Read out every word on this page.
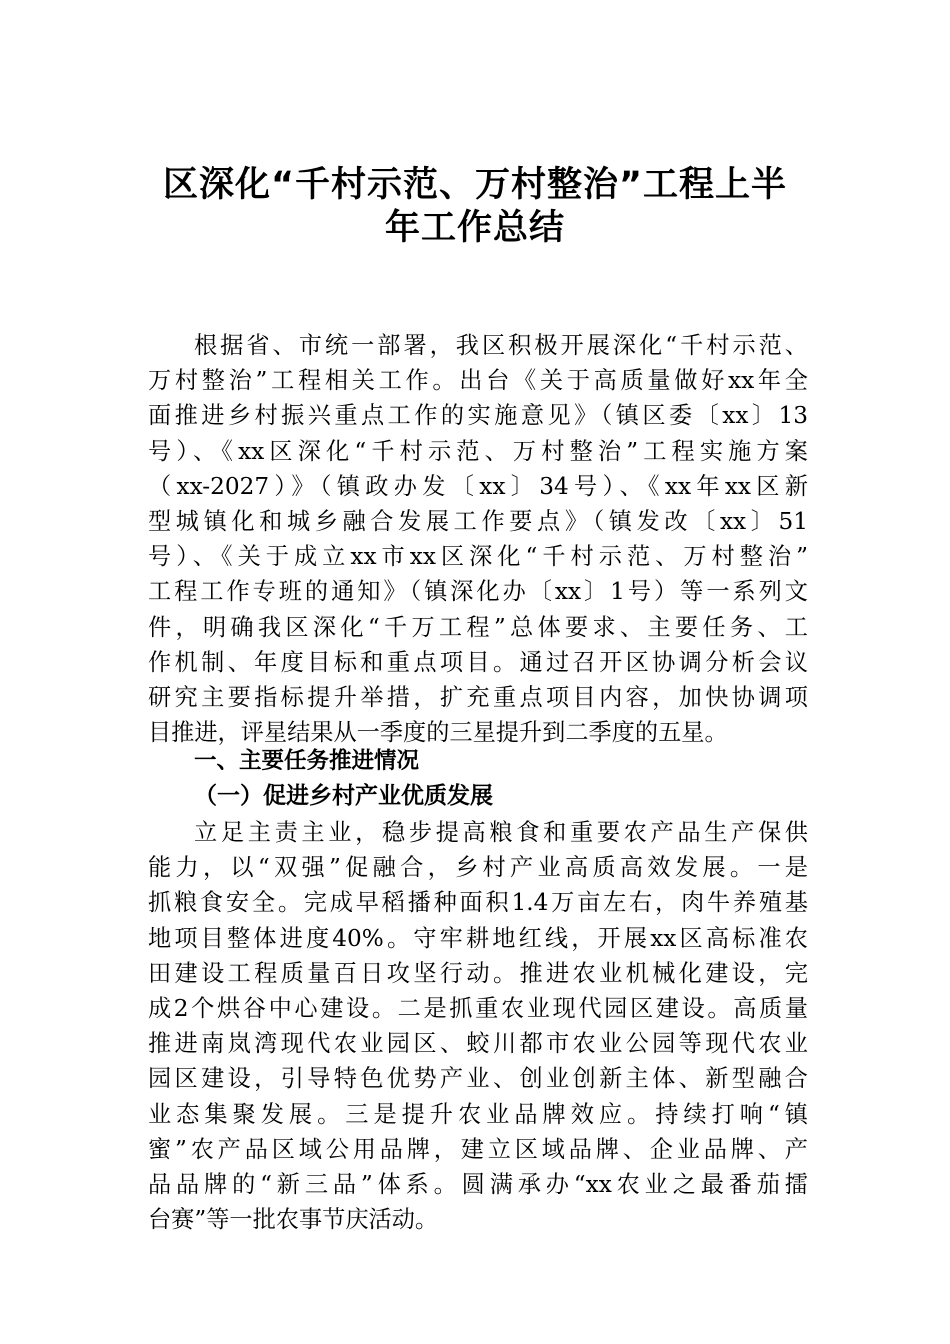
区深化“千村示范、万村整治”工程上半
年工作总结
根据省、市统一部署，我区积极开展深化“千村示范、
万村整治”工程相关工作。出台《关于高质量做好xx年全
面推进乡村振兴重点工作的实施意见》（镇区委〔xx〕13
号）、《xx区深化“千村示范、万村整治”工程实施方案
（xx-2027）》（镇政办发〔xx〕34号）、《xx年xx区新
型城镇化和城乡融合发展工作要点》（镇发改〔xx〕51
号）、《关于成立xx市xx区深化“千村示范、万村整治”
工程工作专班的通知》（镇深化办〔xx〕1号）等一系列文
件，明确我区深化“千万工程”总体要求、主要任务、工
作机制、年度目标和重点项目。通过召开区协调分析会议
研究主要指标提升举措，扩充重点项目内容，加快协调项
目推进，评星结果从一季度的三星提升到二季度的五星。
一、主要任务推进情况
（一）促进乡村产业优质发展
立足主责主业，稳步提高粮食和重要农产品生产保供
能力，以“双强”促融合，乡村产业高质高效发展。一是
抓粮食安全。完成早稻播种面积1.4万亩左右，肉牛养殖基
地项目整体进度40%。守牢耕地红线，开展xx区高标准农
田建设工程质量百日攻坚行动。推进农业机械化建设，完
成2个烘谷中心建设。二是抓重农业现代园区建设。高质量
推进南岚湾现代农业园区、蛟川都市农业公园等现代农业
园区建设，引导特色优势产业、创业创新主体、新型融合
业态集聚发展。三是提升农业品牌效应。持续打响“镇
蜜”农产品区域公用品牌，建立区域品牌、企业品牌、产
品品牌的“新三品”体系。圆满承办“xx农业之最番茄擂
台赛”等一批农事节庆活动。
